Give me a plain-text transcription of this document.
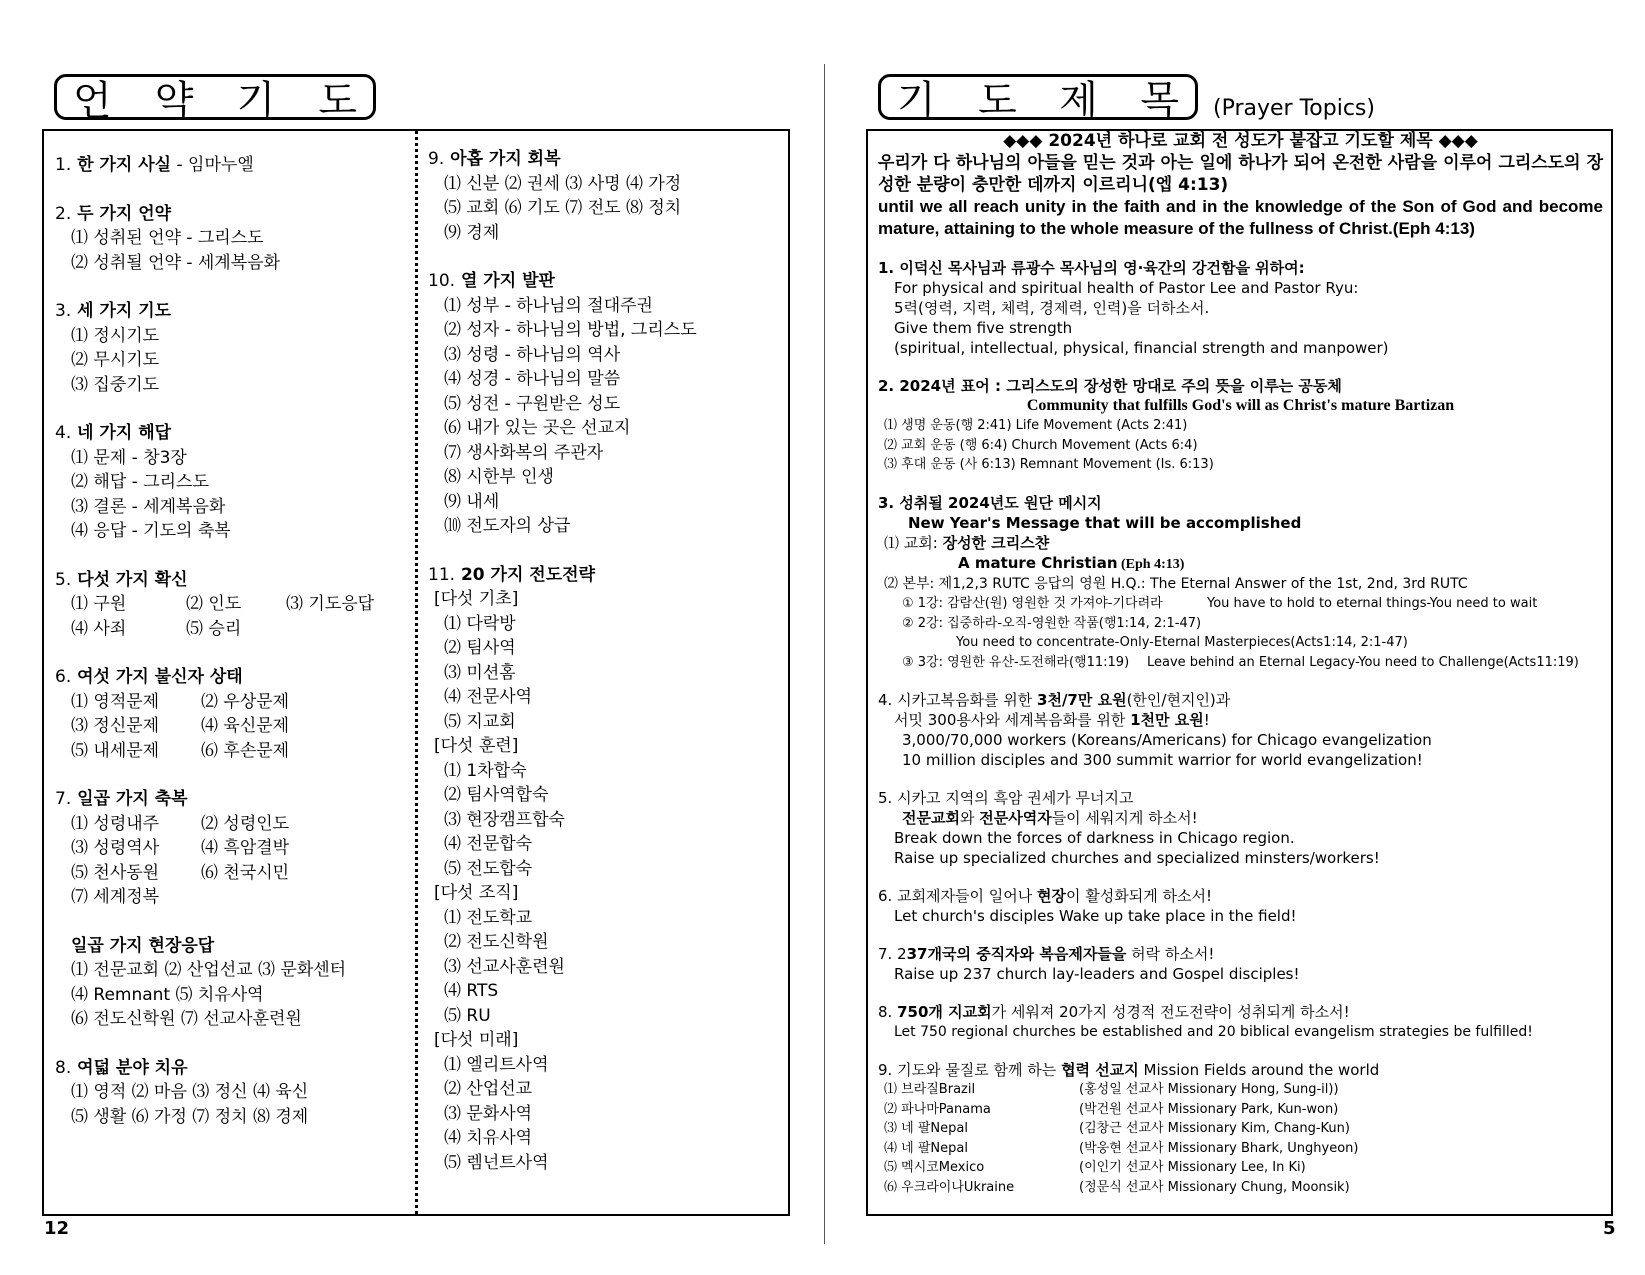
언 약 기 도
1. 한 가지 사실 - 임마누엘
2. 두 가지 언약
⑴ 성취된 언약 - 그리스도
⑵ 성취될 언약 - 세계복음화
3. 세 가지 기도
⑴ 정시기도
⑵ 무시기도
⑶ 집중기도
4. 네 가지 해답
⑴ 문제 - 창3장
⑵ 해답 - 그리스도
⑶ 결론 - 세계복음화
⑷ 응답 - 기도의 축복
5. 다섯 가지 확신
⑴ 구원	⑵ 인도	⑶ 기도응답
⑷ 사죄	⑸ 승리
6. 여섯 가지 불신자 상태
⑴ 영적문제 ⑵ 우상문제
⑶ 정신문제 ⑷ 육신문제
⑸ 내세문제 ⑹ 후손문제
7. 일곱 가지 축복
⑴ 성령내주 ⑵ 성령인도
⑶ 성령역사 ⑷ 흑암결박
⑸ 천사동원 ⑹ 천국시민
⑺ 세계정복
일곱 가지 현장응답
⑴ 전문교회 ⑵ 산업선교 ⑶ 문화센터
⑷ Remnant ⑸ 치유사역
⑹ 전도신학원 ⑺ 선교사훈련원
8. 여덟 분야 치유
⑴ 영적 ⑵ 마음 ⑶ 정신 ⑷ 육신
⑸ 생활 ⑹ 가정 ⑺ 정치 ⑻ 경제
9. 아홉 가지 회복
⑴ 신분 ⑵ 권세 ⑶ 사명 ⑷ 가정
⑸ 교회 ⑹ 기도 ⑺ 전도 ⑻ 정치
⑼ 경제
10. 열 가지 발판
⑴ 성부 - 하나님의 절대주권
⑵ 성자 - 하나님의 방법, 그리스도
⑶ 성령 - 하나님의 역사
⑷ 성경 - 하나님의 말씀
⑸ 성전 - 구원받은 성도
⑹ 내가 있는 곳은 선교지
⑺ 생사화복의 주관자
⑻ 시한부 인생
⑼ 내세
⑽ 전도자의 상급
11. 20 가지 전도전략
[다섯 기초]
⑴ 다락방
⑵ 팀사역
⑶ 미션홈
⑷ 전문사역
⑸ 지교회
[다섯 훈련]
⑴ 1차합숙
⑵ 팀사역합숙
⑶ 현장캠프합숙
⑷ 전문합숙
⑸ 전도합숙
[다섯 조직]
⑴ 전도학교
⑵ 전도신학원
⑶ 선교사훈련원
⑷ RTS
⑸ RU
[다섯 미래]
⑴ 엘리트사역
⑵ 산업선교
⑶ 문화사역
⑷ 치유사역
⑸ 렘넌트사역
12
기 도 제 목 (Prayer Topics)
◆◆◆ 2024년 하나로 교회 전 성도가 붙잡고 기도할 제목 ◆◆◆
우리가 다 하나님의 아들을 믿는 것과 아는 일에 하나가 되어 온전한 사람을 이루어 그리스도의 장성한 분량이 충만한 데까지 이르리니(엡 4:13)
until we all reach unity in the faith and in the knowledge of the Son of God and become mature, attaining to the whole measure of the fullness of Christ.(Eph 4:13)
1. 이덕신 목사님과 류광수 목사님의 영·육간의 강건함을 위하여:
For physical and spiritual health of Pastor Lee and Pastor Ryu:
5력(영력, 지력, 체력, 경제력, 인력)을 더하소서.
Give them five strength
(spiritual, intellectual, physical, financial strength and manpower)
2. 2024년 표어 : 그리스도의 장성한 망대로 주의 뜻을 이루는 공동체
Community that fulfills God's will as Christ's mature Bartizan
⑴ 생명 운동(행 2:41) Life Movement (Acts 2:41)
⑵ 교회 운동 (행 6:4) Church Movement (Acts 6:4)
⑶ 후대 운동 (사 6:13) Remnant Movement (Is. 6:13)
3. 성취될 2024년도 원단 메시지
New Year's Message that will be accomplished
⑴ 교회: 장성한 크리스챤
A mature Christian (Eph 4:13)
⑵ 본부: 제1,2,3 RUTC 응답의 영원 H.Q.: The Eternal Answer of the 1st, 2nd, 3rd RUTC
① 1강: 감람산(원) 영원한 것 가져야-기다려라	You have to hold to eternal things-You need to wait
② 2강: 집중하라-오직-영원한 작품(행1:14, 2:1-47)
You need to concentrate-Only-Eternal Masterpieces(Acts1:14, 2:1-47)
③ 3강: 영원한 유산-도전해라(행11:19) Leave behind an Eternal Legacy-You need to Challenge(Acts11:19)
4. 시카고복음화를 위한 3천/7만 요원(한인/현지인)과
서밋 300용사와 세계복음화를 위한 1천만 요원!
3,000/70,000 workers (Koreans/Americans) for Chicago evangelization
10 million disciples and 300 summit warrior for world evangelization!
5. 시카고 지역의 흑암 권세가 무너지고
전문교회와 전문사역자들이 세워지게 하소서!
Break down the forces of darkness in Chicago region.
Raise up specialized churches and specialized minsters/workers!
6. 교회제자들이 일어나 현장이 활성화되게 하소서!
Let church's disciples Wake up take place in the field!
7. 237개국의 중직자와 복음제자들을 허락 하소서!
Raise up 237 church lay-leaders and Gospel disciples!
8. 750개 지교회가 세워져 20가지 성경적 전도전략이 성취되게 하소서!
Let 750 regional churches be established and 20 biblical evangelism strategies be fulfilled!
9. 기도와 물질로 함께 하는 협력 선교지 Mission Fields around the world
⑴ 브라질Brazil	(홍성일 선교사 Missionary Hong, Sung-il))
⑵ 파나마Panama	(박건원 선교사 Missionary Park, Kun-won)
⑶ 네 팔Nepal	(김창근 선교사 Missionary Kim, Chang-Kun)
⑷ 네 팔Nepal	(박웅현 선교사 Missionary Bhark, Unghyeon)
⑸ 멕시코Mexico	(이인기 선교사 Missionary Lee, In Ki)
⑹ 우크라이나Ukraine	(정문식 선교사 Missionary Chung, Moonsik)
5
